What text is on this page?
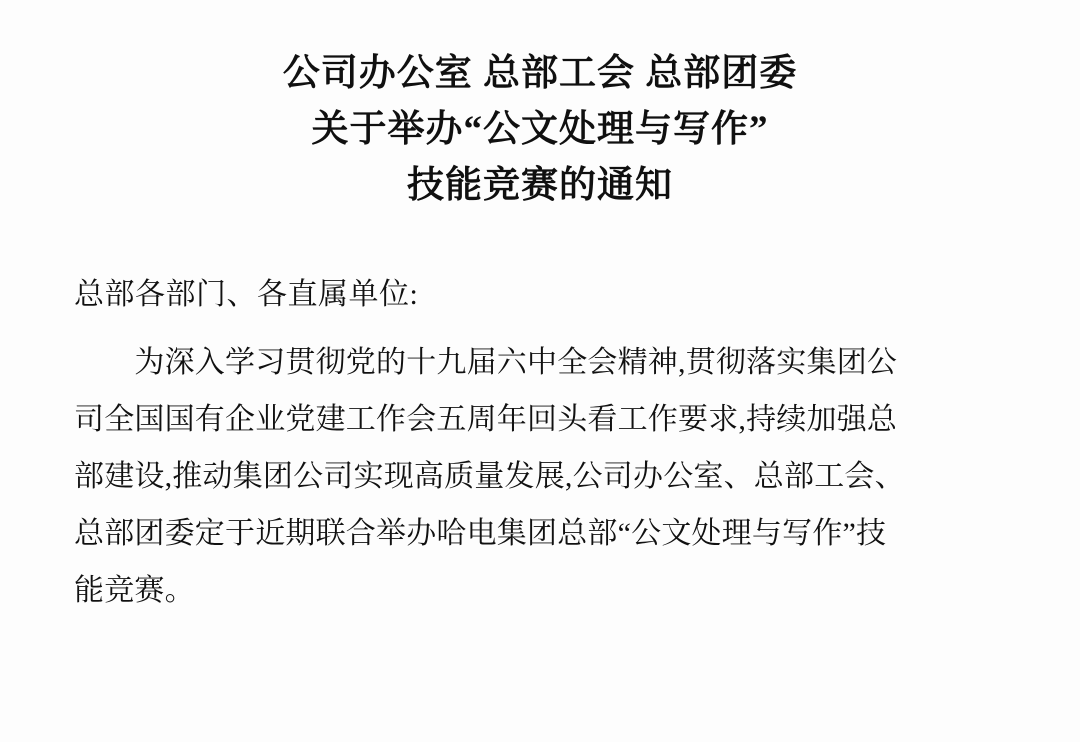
公司办公室 总部工会 总部团委
关于举办“公文处理与写作”
技能竞赛的通知

总部各部门、各直属单位:

　　为深入学习贯彻党的十九届六中全会精神,贯彻落实集团公
司全国国有企业党建工作会五周年回头看工作要求,持续加强总
部建设,推动集团公司实现高质量发展,公司办公室、总部工会、
总部团委定于近期联合举办哈电集团总部“公文处理与写作”技
能竞赛。
